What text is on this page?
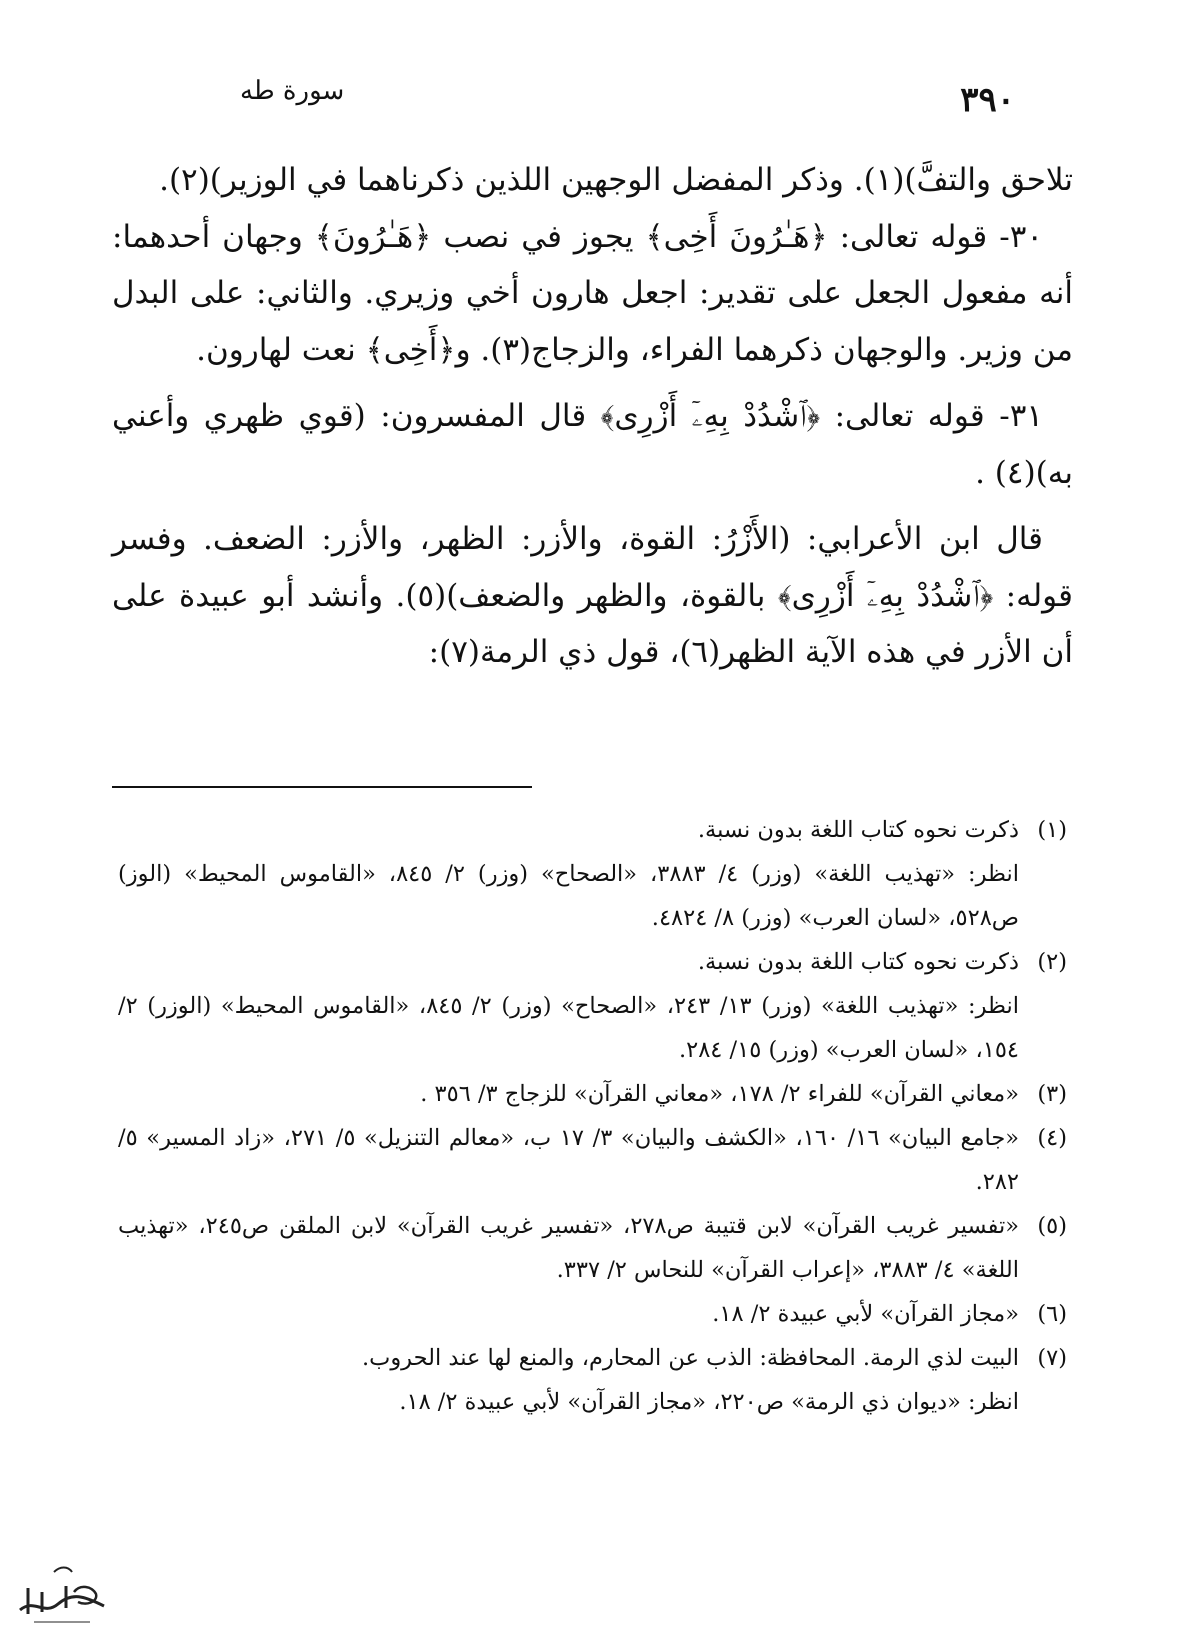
٣٩٠
سورة طه

تلاحق والتفَّ)(١). وذكر المفضل الوجهين اللذين ذكرناهما في الوزير)(٢).

٣٠- قوله تعالى: ﴿هَـٰرُونَ أَخِى﴾ يجوز في نصب ﴿هَـٰرُونَ﴾ وجهان أحدهما: أنه مفعول الجعل على تقدير: اجعل هارون أخي وزيري. والثاني: على البدل من وزير. والوجهان ذكرهما الفراء، والزجاج(٣). و﴿أَخِى﴾ نعت لهارون.

٣١- قوله تعالى: ﴿ٱشْدُدْ بِهِۦٓ أَزْرِى﴾ قال المفسرون: (قوي ظهري وأعني به)(٤) .

قال ابن الأعرابي: (الأَزْرُ: القوة، والأزر: الظهر، والأزر: الضعف. وفسر قوله: ﴿ٱشْدُدْ بِهِۦٓ أَزْرِى﴾ بالقوة، والظهر والضعف)(٥). وأنشد أبو عبيدة على أن الأزر في هذه الآية الظهر(٦)، قول ذي الرمة(٧):

(١)
ذكرت نحوه كتاب اللغة بدون نسبة.
انظر: «تهذيب اللغة» (وزر) ٤/ ٣٨٨٣، «الصحاح» (وزر) ٢/ ٨٤٥، «القاموس المحيط» (الوز) ص٥٢٨، «لسان العرب» (وزر) ٨/ ٤٨٢٤.
(٢)
ذكرت نحوه كتاب اللغة بدون نسبة.
انظر: «تهذيب اللغة» (وزر) ١٣/ ٢٤٣، «الصحاح» (وزر) ٢/ ٨٤٥، «القاموس المحيط» (الوزر) ٢/ ١٥٤، «لسان العرب» (وزر) ١٥/ ٢٨٤.
(٣)
«معاني القرآن» للفراء ٢/ ١٧٨، «معاني القرآن» للزجاج ٣/ ٣٥٦ .
(٤)
«جامع البيان» ١٦/ ١٦٠، «الكشف والبيان» ٣/ ١٧ ب، «معالم التنزيل» ٥/ ٢٧١، «زاد المسير» ٥/ ٢٨٢.
(٥)
«تفسير غريب القرآن» لابن قتيبة ص٢٧٨، «تفسير غريب القرآن» لابن الملقن ص٢٤٥، «تهذيب اللغة» ٤/ ٣٨٨٣، «إعراب القرآن» للنحاس ٢/ ٣٣٧.
(٦)
«مجاز القرآن» لأبي عبيدة ٢/ ١٨.
(٧)
البيت لذي الرمة. المحافظة: الذب عن المحارم، والمنع لها عند الحروب.
انظر: «ديوان ذي الرمة» ص٢٢٠، «مجاز القرآن» لأبي عبيدة ٢/ ١٨.
